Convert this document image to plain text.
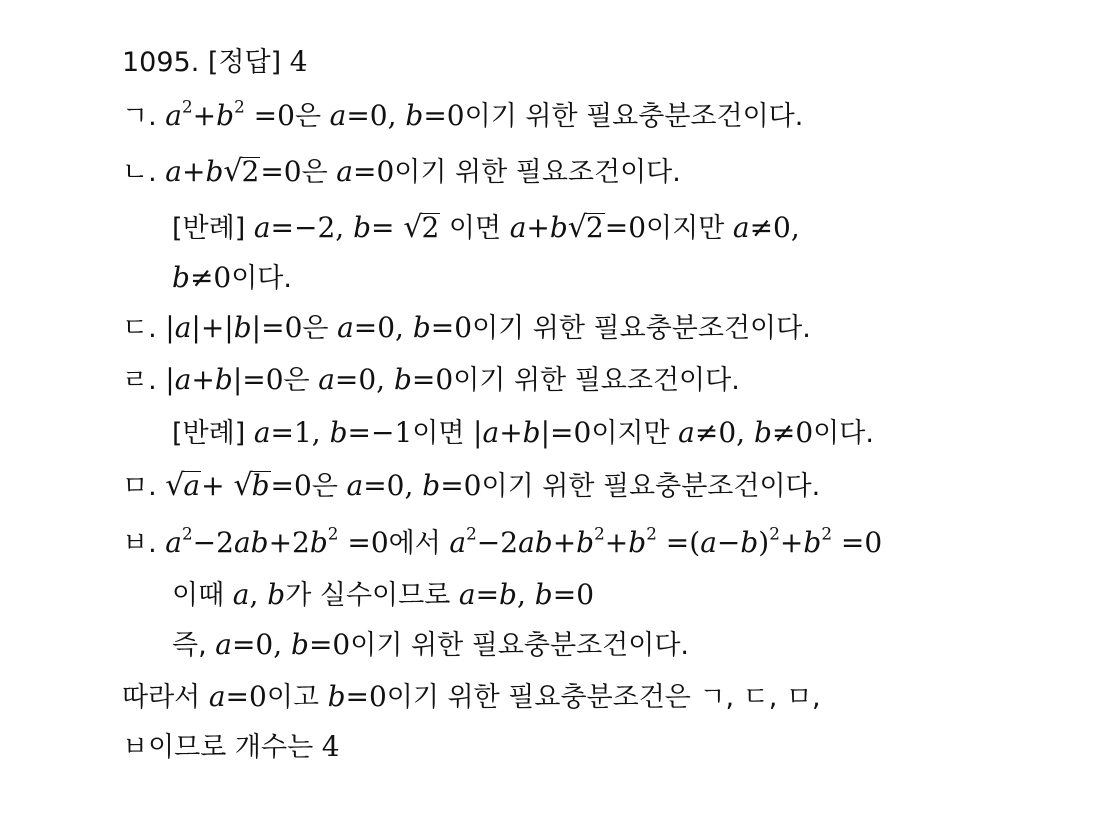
1095. [정답] 4
ㄱ. $a^2+b^2 =0$은 a=0, b=0이기 위한 필요충분조건이다.
ㄴ. a+b√2=0은 a=0이기 위한 필요조건이다.
[반례] a=−2, b= √2 이면 a+b√2=0이지만 a≠0,
b≠0이다.
ㄷ. |a|+|b|=0은 a=0, b=0이기 위한 필요충분조건이다.
ㄹ. |a+b|=0은 a=0, b=0이기 위한 필요조건이다.
[반례] a=1, b=−1이면 |a+b|=0이지만 a≠0, b≠0이다.
ㅁ. √a+ √b=0은 a=0, b=0이기 위한 필요충분조건이다.
ㅂ. $a^2-2ab+2b^2 =0$에서 $a^2-2ab+b^2+b^2 =(a-b)^2+b^2 =0$
이때 a, b가 실수이므로 a=b, b=0
즉, a=0, b=0이기 위한 필요충분조건이다.
따라서 a=0이고 b=0이기 위한 필요충분조건은 ㄱ, ㄷ, ㅁ,
ㅂ이므로 개수는 4
